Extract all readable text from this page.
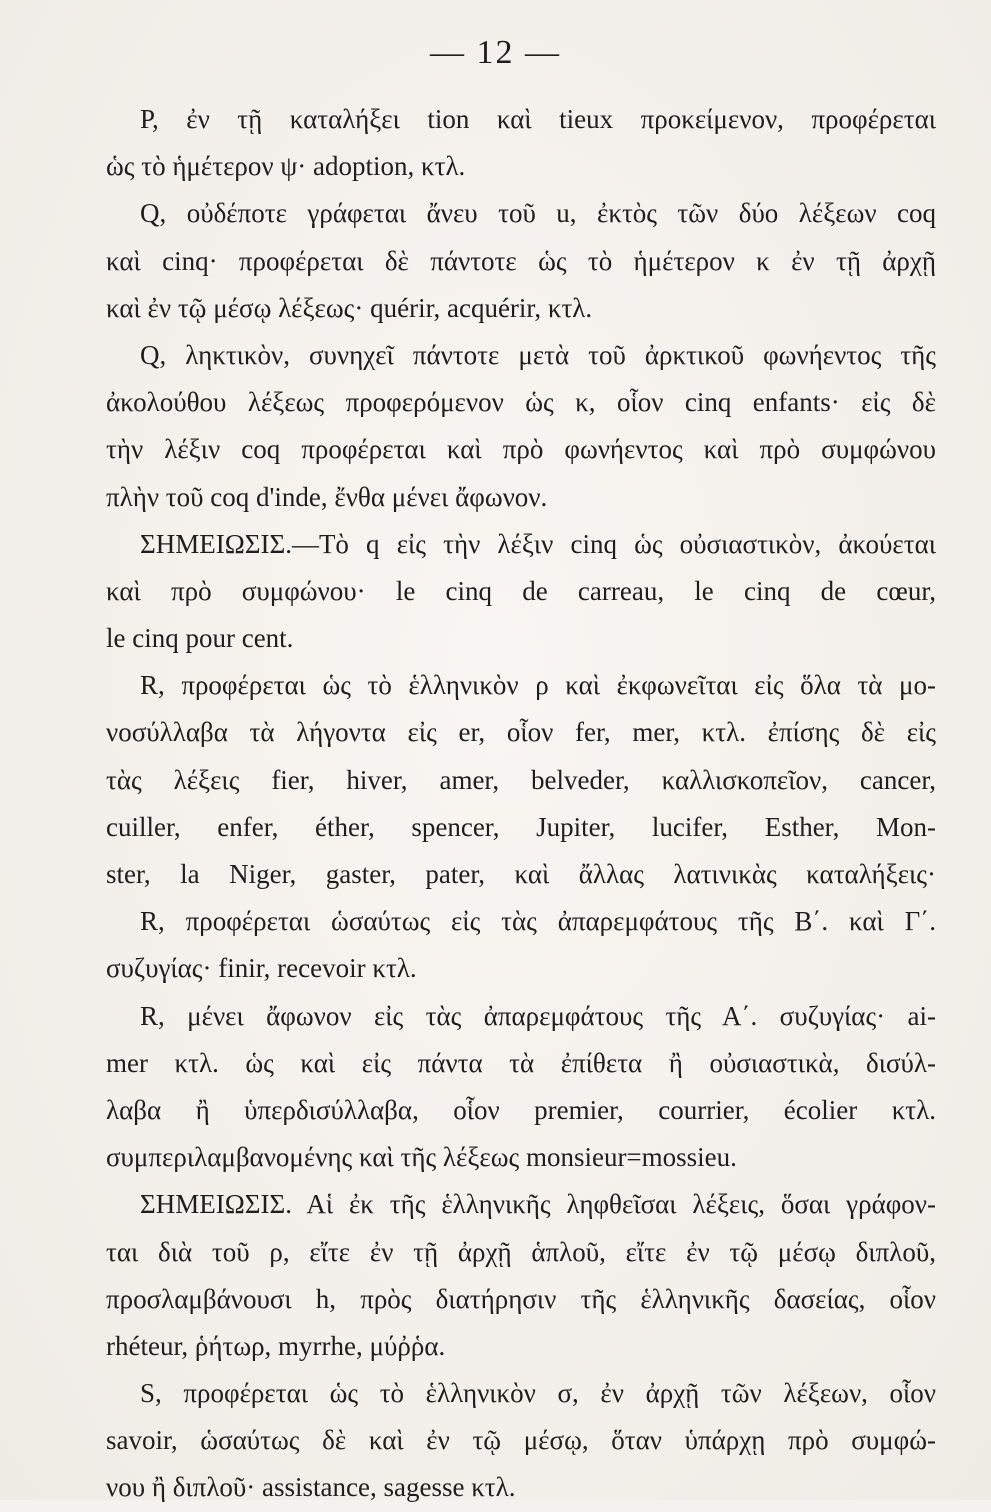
— 12 —
P, ἐν τῇ καταλήξει tion καὶ tieux προκείμενον, προφέρεται
ὡς τὸ ἡμέτερον ψ· adoption, κτλ.
Q, οὐδέποτε γράφεται ἄνευ τοῦ u, ἐκτὸς τῶν δύο λέξεων coq
καὶ cinq· προφέρεται δὲ πάντοτε ὡς τὸ ἡμέτερον κ ἐν τῇ ἀρχῇ
καὶ ἐν τῷ μέσῳ λέξεως· quérir, acquérir, κτλ.
Q, ληκτικὸν, συνηχεῖ πάντοτε μετὰ τοῦ ἀρκτικοῦ φωνήεντος τῆς
ἀκολούθου λέξεως προφερόμενον ὡς κ, οἷον cinq enfants· εἰς δὲ
τὴν λέξιν coq προφέρεται καὶ πρὸ φωνήεντος καὶ πρὸ συμφώνου
πλὴν τοῦ coq d'inde, ἔνθα μένει ἄφωνον.
ΣΗΜΕΙΩΣΙΣ.—Τὸ q εἰς τὴν λέξιν cinq ὡς οὐσιαστικὸν, ἀκούεται
καὶ πρὸ συμφώνου· le cinq de carreau, le cinq de cœur,
le cinq pour cent.
R, προφέρεται ὡς τὸ ἑλληνικὸν ρ καὶ ἐκφωνεῖται εἰς ὅλα τὰ μο-
νοσύλλαβα τὰ λήγοντα εἰς er, οἷον fer, mer, κτλ. ἐπίσης δὲ εἰς
τὰς λέξεις fier, hiver, amer, belveder, καλλισκοπεῖον, cancer,
cuiller, enfer, éther, spencer, Jupiter, lucifer, Esther, Mon-
ster, la Niger, gaster, pater, καὶ ἄλλας λατινικὰς καταλήξεις·
R, προφέρεται ὡσαύτως εἰς τὰς ἀπαρεμφάτους τῆς Β΄. καὶ Γ΄.
συζυγίας· finir, recevoir κτλ.
R, μένει ἄφωνον εἰς τὰς ἀπαρεμφάτους τῆς Α΄. συζυγίας· ai-
mer κτλ. ὡς καὶ εἰς πάντα τὰ ἐπίθετα ἢ οὐσιαστικὰ, δισύλ-
λαβα ἢ ὑπερδισύλλαβα, οἷον premier, courrier, écolier κτλ.
συμπεριλαμβανομένης καὶ τῆς λέξεως monsieur=mossieu.
ΣΗΜΕΙΩΣΙΣ. Αἱ ἐκ τῆς ἑλληνικῆς ληφθεῖσαι λέξεις, ὅσαι γράφον-
ται διὰ τοῦ ρ, εἴτε ἐν τῇ ἀρχῇ ἁπλοῦ, εἴτε ἐν τῷ μέσῳ διπλοῦ,
προσλαμβάνουσι h, πρὸς διατήρησιν τῆς ἑλληνικῆς δασείας, οἷον
rhéteur, ῥήτωρ, myrrhe, μύῤῥα.
S, προφέρεται ὡς τὸ ἑλληνικὸν σ, ἐν ἀρχῇ τῶν λέξεων, οἷον
savoir, ὡσαύτως δὲ καὶ ἐν τῷ μέσῳ, ὅταν ὑπάρχῃ πρὸ συμφώ-
νου ἢ διπλοῦ· assistance, sagesse κτλ.
